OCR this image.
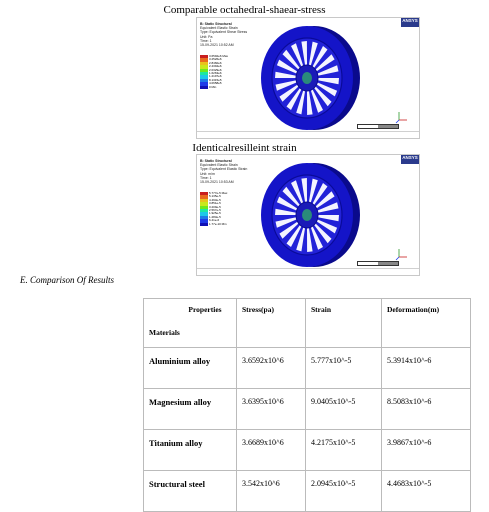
Comparable octahedral-shaear-stress
B: Static Structural
Equivalent Elastic Strain
Type: Equivalent Shear Stress
Unit: Pa
Time: 1
15-09-2021 10:52 AM
3.6592e6 Max
3.2526e6
2.8460e6
2.4394e6
2.0329e6
1.6263e6
1.2197e6
8.1315e5
4.0658e5
0 Min
ANSYS
Identicalresilleint strain
B: Static Structural
Equivalent Elastic Strain
Type: Equivalent Elastic Strain
Unit: m/m
Time: 1
15-09-2021 10:53 AM
5.777e-5 Max
5.135e-5
4.493e-5
3.851e-5
3.209e-5
2.567e-5
1.925e-5
1.283e-5
6.41e-6
1.77e-10 Min
ANSYS
E. Comparison Of Results
Properties
Materials	Stress(pa)	Strain	Deformation(m)
Aluminium alloy	3.6592x10^6	5.777x10^-5	5.3914x10^-6
Magnesium alloy	3.6395x10^6	9.0405x10^-5	8.5083x10^-6
Titanium alloy	3.6689x10^6	4.2175x10^-5	3.9867x10^-6
Structural steel	3.542x10^6	2.0945x10^-5	4.4683x10^-5
